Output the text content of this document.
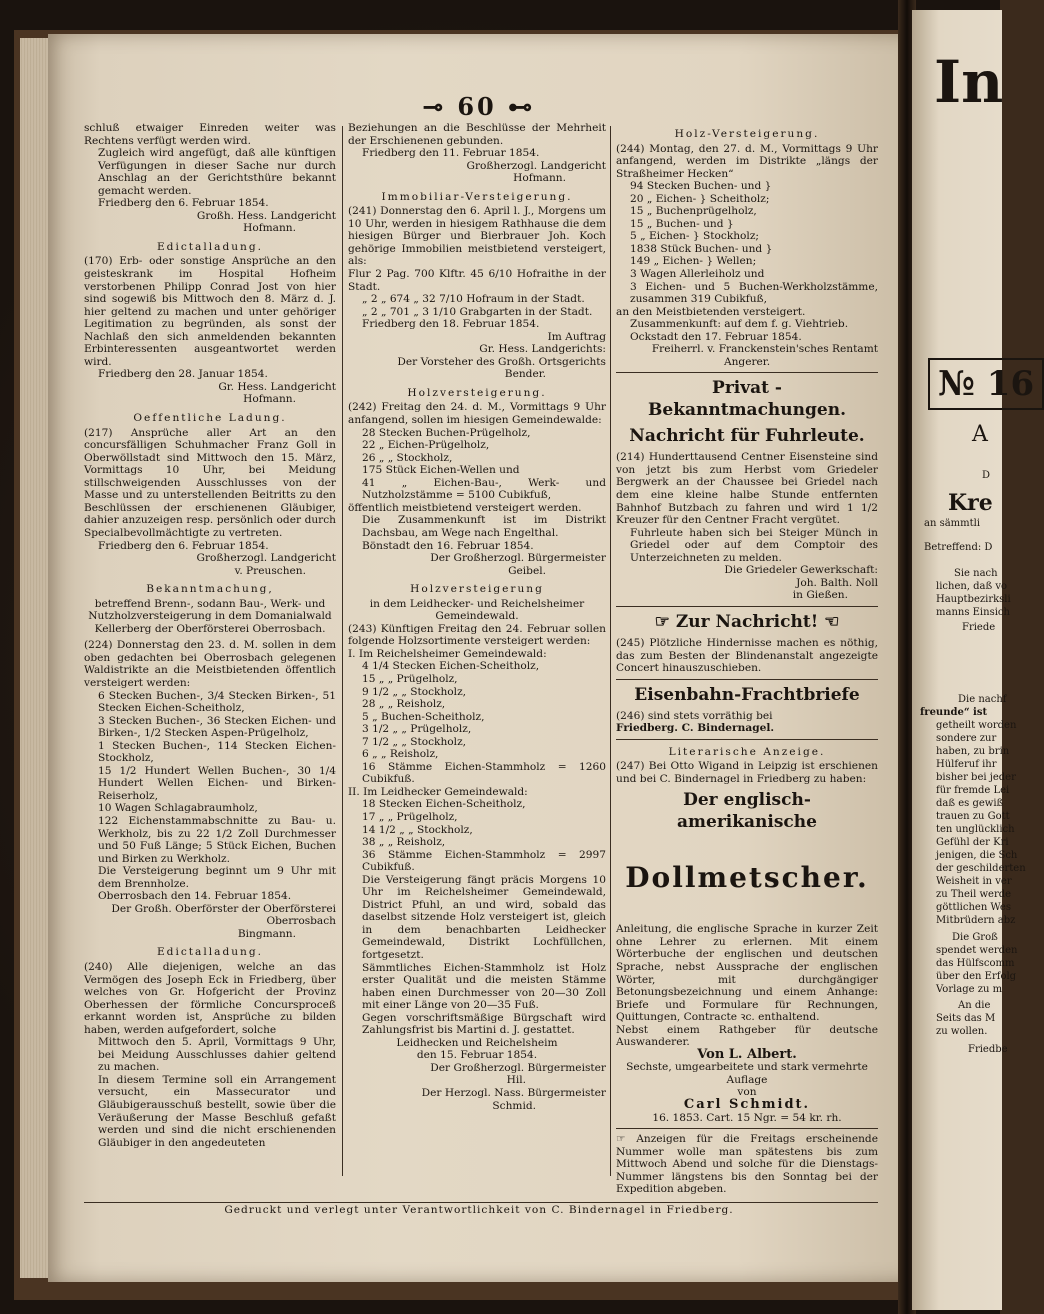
⊸ 60 ⊷

schluß etwaiger Einreden weiter was Rechtens verfügt werden wird.

Zugleich wird angefügt, daß alle künftigen Verfügungen in dieser Sache nur durch Anschlag an der Gerichtsthüre bekannt gemacht werden.

Friedberg den 6. Februar 1854.

Großh. Hess. Landgericht

Hofmann.

Edictalladung.

(170) Erb- oder sonstige Ansprüche an den geisteskrank im Hospital Hofheim verstorbenen Philipp Conrad Jost von hier sind sogewiß bis Mittwoch den 8. März d. J. hier geltend zu machen und unter gehöriger Legitimation zu begründen, als sonst der Nachlaß den sich anmeldenden bekannten Erbinteressenten ausgeantwortet werden wird.

Friedberg den 28. Januar 1854.

Gr. Hess. Landgericht

Hofmann.

Oeffentliche Ladung.

(217) Ansprüche aller Art an den concursfälligen Schuhmacher Franz Goll in Oberwöllstadt sind Mittwoch den 15. März, Vormittags 10 Uhr, bei Meidung stillschweigenden Ausschlusses von der Masse und zu unterstellenden Beitritts zu den Beschlüssen der erschienenen Gläubiger, dahier anzuzeigen resp. persönlich oder durch Specialbevollmächtigte zu vertreten.

Friedberg den 6. Februar 1854.

Großherzogl. Landgericht

v. Preuschen.

Bekanntmachung,

betreffend Brenn-, sodann Bau-, Werk- und Nutzholzversteigerung in dem Domanialwald Kellerberg der Oberförsterei Oberrosbach.

(224) Donnerstag den 23. d. M. sollen in dem oben gedachten bei Oberrosbach gelegenen Waldistrikte an die Meistbietenden öffentlich versteigert werden:

6 Stecken Buchen-, 3/4 Stecken Birken-, 51 Stecken Eichen-Scheitholz,

3 Stecken Buchen-, 36 Stecken Eichen- und Birken-, 1/2 Stecken Aspen-Prügelholz,

1 Stecken Buchen-, 114 Stecken Eichen-Stockholz,

15 1/2 Hundert Wellen Buchen-, 30 1/4 Hundert Wellen Eichen- und Birken-Reiserholz,

10 Wagen Schlagabraumholz,

122 Eichenstammabschnitte zu Bau- u. Werkholz, bis zu 22 1/2 Zoll Durchmesser und 50 Fuß Länge; 5 Stück Eichen, Buchen und Birken zu Werkholz.

Die Versteigerung beginnt um 9 Uhr mit dem Brennholze.

Oberrosbach den 14. Februar 1854.

Der Großh. Oberförster der Oberförsterei Oberrosbach

Bingmann.

Edictalladung.

(240) Alle diejenigen, welche an das Vermögen des Joseph Eck in Friedberg, über welches von Gr. Hofgericht der Provinz Oberhessen der förmliche Concursproceß erkannt worden ist, Ansprüche zu bilden haben, werden aufgefordert, solche

Mittwoch den 5. April, Vormittags 9 Uhr, bei Meidung Ausschlusses dahier geltend zu machen.

In diesem Termine soll ein Arrangement versucht, ein Massecurator und Gläubigerausschuß bestellt, sowie über die Veräußerung der Masse Beschluß gefaßt werden und sind die nicht erschienenden Gläubiger in den angedeuteten

Beziehungen an die Beschlüsse der Mehrheit der Erschienenen gebunden.

Friedberg den 11. Februar 1854.

Großherzogl. Landgericht

Hofmann.

Immobiliar-Versteigerung.

(241) Donnerstag den 6. April l. J., Morgens um 10 Uhr, werden in hiesigem Rathhause die dem hiesigen Bürger und Bierbrauer Joh. Koch gehörige Immobilien meistbietend versteigert, als:

Flur 2 Pag. 700 Klftr. 45 6/10 Hofraithe in der Stadt.

„ 2 „ 674 „ 32 7/10 Hofraum in der Stadt.

„ 2 „ 701 „ 3 1/10 Grabgarten in der Stadt.

Friedberg den 18. Februar 1854.

Im Auftrag

Gr. Hess. Landgerichts:

Der Vorsteher des Großh. Ortsgerichts

Bender.

Holzversteigerung.

(242) Freitag den 24. d. M., Vormittags 9 Uhr anfangend, sollen im hiesigen Gemeindewalde:

28 Stecken Buchen-Prügelholz,

22 „ Eichen-Prügelholz,

26 „ „ Stockholz,

175 Stück Eichen-Wellen und

41 „ Eichen-Bau-, Werk- und Nutzholzstämme = 5100 Cubikfuß,

öffentlich meistbietend versteigert werden.

Die Zusammenkunft ist im Distrikt Dachsbau, am Wege nach Engelthal.

Bönstadt den 16. Februar 1854.

Der Großherzogl. Bürgermeister

Geibel.

Holzversteigerung

in dem Leidhecker- und Reichelsheimer Gemeindewald.

(243) Künftigen Freitag den 24. Februar sollen folgende Holzsortimente versteigert werden:

I. Im Reichelsheimer Gemeindewald:

4 1/4 Stecken Eichen-Scheitholz,

15 „ „ Prügelholz,

9 1/2 „ „ Stockholz,

28 „ „ Reisholz,

5 „ Buchen-Scheitholz,

3 1/2 „ „ Prügelholz,

7 1/2 „ „ Stockholz,

6 „ „ Reisholz,

16 Stämme Eichen-Stammholz = 1260 Cubikfuß.

II. Im Leidhecker Gemeindewald:

18 Stecken Eichen-Scheitholz,

17 „ „ Prügelholz,

14 1/2 „ „ Stockholz,

38 „ „ Reisholz,

36 Stämme Eichen-Stammholz = 2997 Cubikfuß.

Die Versteigerung fängt präcis Morgens 10 Uhr im Reichelsheimer Gemeindewald, District Pfuhl, an und wird, sobald das daselbst sitzende Holz versteigert ist, gleich in dem benachbarten Leidhecker Gemeindewald, Distrikt Lochfüllchen, fortgesetzt.

Sämmtliches Eichen-Stammholz ist Holz erster Qualität und die meisten Stämme haben einen Durchmesser von 20—30 Zoll mit einer Länge von 20—35 Fuß.

Gegen vorschriftsmäßige Bürgschaft wird Zahlungsfrist bis Martini d. J. gestattet.

Leidhecken und Reichelsheim

den 15. Februar 1854.

Der Großherzogl. Bürgermeister

Hil.

Der Herzogl. Nass. Bürgermeister

Schmid.

Holz-Versteigerung.

(244) Montag, den 27. d. M., Vormittags 9 Uhr anfangend, werden im Distrikte „längs der Straßheimer Hecken“

94 Stecken Buchen- und }

20 „ Eichen- } Scheitholz;

15 „ Buchenprügelholz,

15 „ Buchen- und }

5 „ Eichen- } Stockholz;

1838 Stück Buchen- und }

149 „ Eichen- } Wellen;

3 Wagen Allerleiholz und

3 Eichen- und 5 Buchen-Werkholzstämme, zusammen 319 Cubikfuß,

an den Meistbietenden versteigert.

Zusammenkunft: auf dem f. g. Viehtrieb.

Ockstadt den 17. Februar 1854.

Freiherrl. v. Franckenstein'sches Rentamt

Angerer.

Privat - Bekanntmachungen.

Nachricht für Fuhrleute.

(214) Hunderttausend Centner Eisensteine sind von jetzt bis zum Herbst vom Griedeler Bergwerk an der Chaussee bei Griedel nach dem eine kleine halbe Stunde entfernten Bahnhof Butzbach zu fahren und wird 1 1/2 Kreuzer für den Centner Fracht vergütet.

Fuhrleute haben sich bei Steiger Münch in Griedel oder auf dem Comptoir des Unterzeichneten zu melden.

Die Griedeler Gewerkschaft:

Joh. Balth. Noll

in Gießen.

☞ Zur Nachricht! ☜

(245) Plötzliche Hindernisse machen es nöthig, das zum Besten der Blindenanstalt angezeigte Concert hinauszuschieben.

Eisenbahn-Frachtbriefe

(246) sind stets vorräthig bei

Friedberg. C. Bindernagel.

Literarische Anzeige.

(247) Bei Otto Wigand in Leipzig ist erschienen und bei C. Bindernagel in Friedberg zu haben:

Der englisch-amerikanische

Dollmetscher.

Anleitung, die englische Sprache in kurzer Zeit ohne Lehrer zu erlernen. Mit einem Wörterbuche der englischen und deutschen Sprache, nebst Aussprache der englischen Wörter, mit durchgängiger Betonungsbezeichnung und einem Anhange: Briefe und Formulare für Rechnungen, Quittungen, Contracte ꝛc. enthaltend.

Nebst einem Rathgeber für deutsche Auswanderer.

Von L. Albert.

Sechste, umgearbeitete und stark vermehrte Auflage

von

Carl Schmidt.

16. 1853. Cart. 15 Ngr. = 54 kr. rh.

☞ Anzeigen für die Freitags erscheinende Nummer wolle man spätestens bis zum Mittwoch Abend und solche für die Dienstags-Nummer längstens bis den Sonntag bei der Expedition abgeben.

Gedruckt und verlegt unter Verantwortlichkeit von C. Bindernagel in Friedberg.
In
№ 16
A
D
Kre
an sämmtli
Betreffend: D
Sie nach
lichen, daß vo
Hauptbezirksli
manns Einsich
Friede
Die nachf
freunde“ ist
getheilt worden
sondere zur
haben, zu brin
Hülferuf ihr
bisher bei jeder
für fremde Lei
daß es gewiß
trauen zu Gott
ten unglücklich
Gefühl der Kri
jenigen, die Sch
der geschilderten
Weisheit in ver
zu Theil werde
göttlichen Wes
Mitbrüdern abz
Die Groß
spendet werden
das Hülfscomm
über den Erfolg
Vorlage zu m
An die
Seits das M
zu wollen.
Friedbe
